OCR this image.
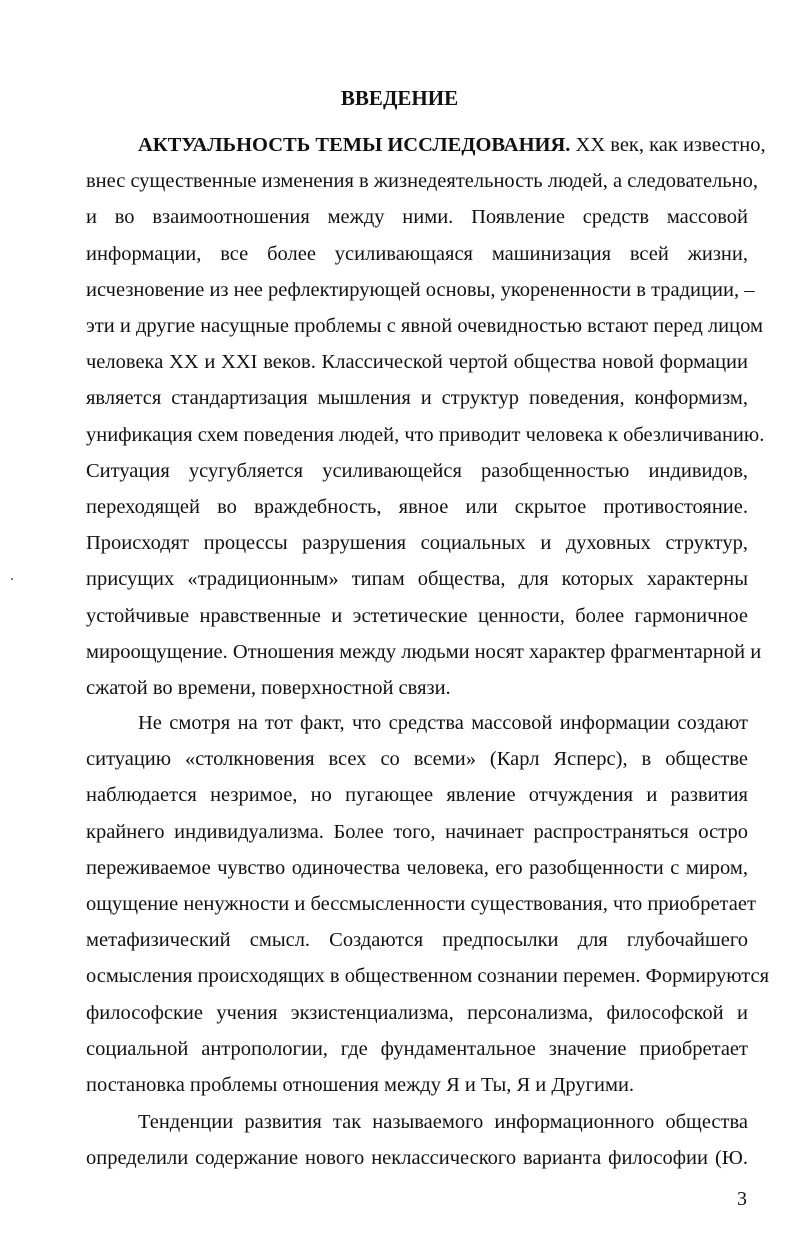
ВВЕДЕНИЕ
АКТУАЛЬНОСТЬ ТЕМЫ ИССЛЕДОВАНИЯ. XX век, как известно,
внес существенные изменения в жизнедеятельность людей, а следовательно,
и во взаимоотношения между ними. Появление средств массовой
информации, все более усиливающаяся машинизация всей жизни,
исчезновение из нее рефлектирующей основы, укорененности в традиции, –
эти и другие насущные проблемы с явной очевидностью встают перед лицом
человека XX и XXI веков. Классической чертой общества новой формации
является стандартизация мышления и структур поведения, конформизм,
унификация схем поведения людей, что приводит человека к обезличиванию.
Ситуация усугубляется усиливающейся разобщенностью индивидов,
переходящей во враждебность, явное или скрытое противостояние.
Происходят процессы разрушения социальных и духовных структур,
присущих «традиционным» типам общества, для которых характерны
устойчивые нравственные и эстетические ценности, более гармоничное
мироощущение. Отношения между людьми носят характер фрагментарной и
сжатой во времени, поверхностной связи.
Не смотря на тот факт, что средства массовой информации создают
ситуацию «столкновения всех со всеми» (Карл Ясперс), в обществе
наблюдается незримое, но пугающее явление отчуждения и развития
крайнего индивидуализма. Более того, начинает распространяться остро
переживаемое чувство одиночества человека, его разобщенности с миром,
ощущение ненужности и бессмысленности существования, что приобретает
метафизический смысл. Создаются предпосылки для глубочайшего
осмысления происходящих в общественном сознании перемен. Формируются
философские учения экзистенциализма, персонализма, философской и
социальной антропологии, где фундаментальное значение приобретает
постановка проблемы отношения между Я и Ты, Я и Другими.
Тенденции развития так называемого информационного общества
определили содержание нового неклассического варианта философии (Ю.
3
